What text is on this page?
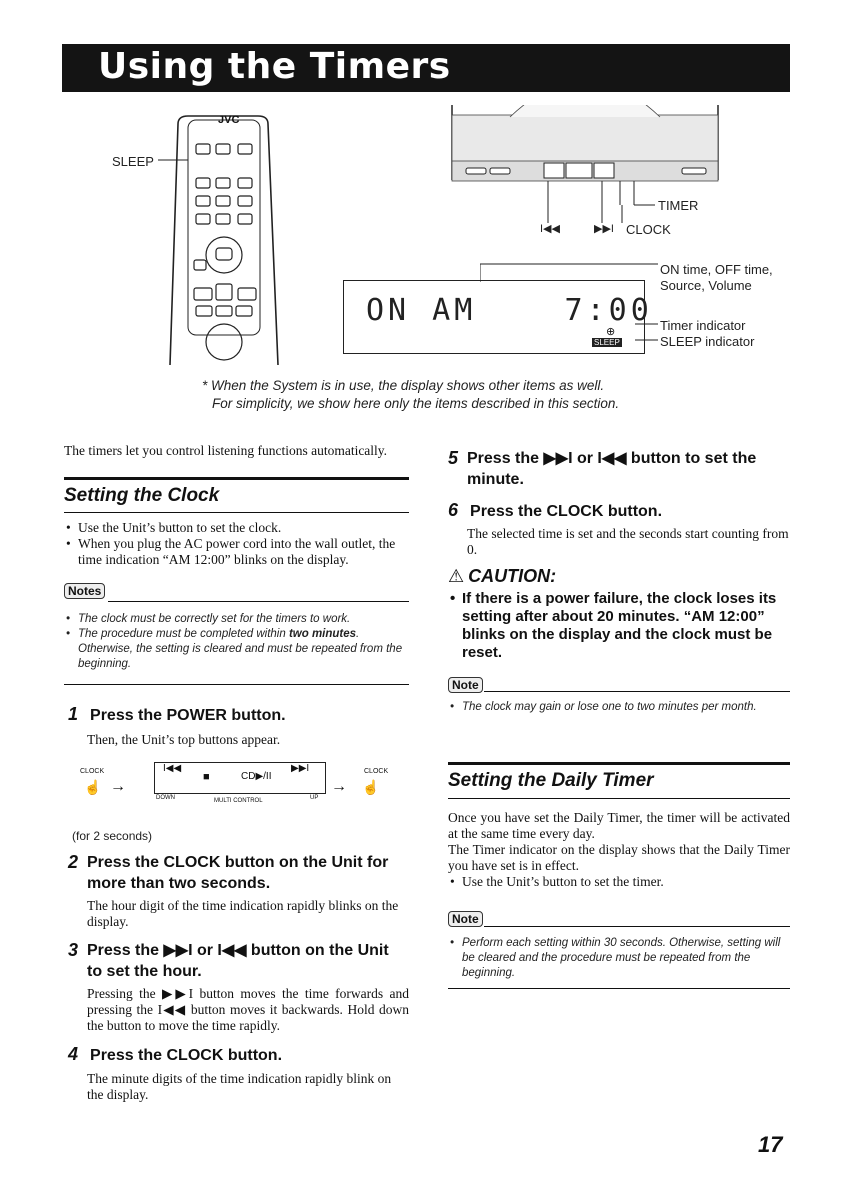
Using the Timers
SLEEP
JVC
TIMER
I◀◀	▶▶I CLOCK
ON AM    7:00
⊕
SLEEP
ON time, OFF time,
Source, Volume
Timer indicator
SLEEP indicator
* When the System is in use, the display shows other items as well.
For simplicity, we show here only the items described in this section.
The timers let you control listening functions automatically.
Setting the Clock
• Use the Unit’s button to set the clock.
• When you plug the AC power cord into the wall outlet, the time indication “AM 12:00” blinks on the display.
Notes
• The clock must be correctly set for the timers to work.
• The procedure must be completed within two minutes. Otherwise, the setting is cleared and must be repeated from the beginning.
1 Press the POWER button.
Then, the Unit’s top buttons appear.
CLOCK	CLOCK
☝ →	→ ☝
I◀◀
■	CD▶/II
▶▶I
DOWN	MULTI CONTROL	UP
(for 2 seconds)
2 Press the CLOCK button on the Unit for more than two seconds.
The hour digit of the time indication rapidly blinks on the display.
3 Press the ▶▶I or I◀◀ button on the Unit to set the hour.
Pressing the ▶▶I button moves the time forwards and pressing the I◀◀ button moves it backwards. Hold down the button to move the time rapidly.
4 Press the CLOCK button.
The minute digits of the time indication rapidly blink on the display.
5 Press the ▶▶I or I◀◀ button to set the minute.
6 Press the CLOCK button.
The selected time is set and the seconds start counting from 0.
⚠ CAUTION:
• If there is a power failure, the clock loses its setting after about 20 minutes. “AM 12:00” blinks on the display and the clock must be reset.
Note
• The clock may gain or lose one to two minutes per month.
Setting the Daily Timer
Once you have set the Daily Timer, the timer will be activated at the same time every day.
The Timer indicator on the display shows that the Daily Timer you have set is in effect.
• Use the Unit’s button to set the timer.
Note
• Perform each setting within 30 seconds. Otherwise, setting will be cleared and the procedure must be repeated from the beginning.
17
